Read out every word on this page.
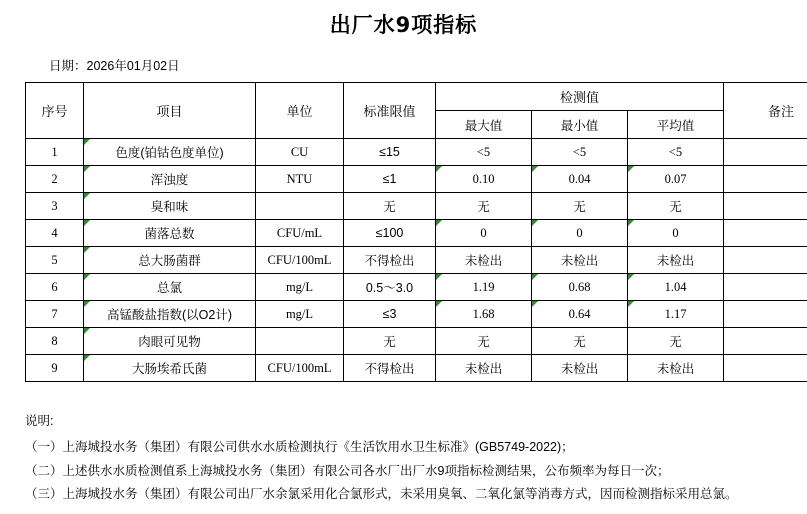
出厂水9项指标
日期：2026年01月02日
序号	项目	单位	标准限值	检测值			备注
				最大值	最小值	平均值	
1	色度(铂钴色度单位)	CU	≤15	<5	<5	<5	
2	浑浊度	NTU	≤1	0.10	0.04	0.07	
3	臭和味		无	无	无	无	
4	菌落总数	CFU/mL	≤100	0	0	0	
5	总大肠菌群	CFU/100mL	不得检出	未检出	未检出	未检出	
6	总氯	mg/L	0.5～3.0	1.19	0.68	1.04	
7	高锰酸盐指数(以O2计)	mg/L	≤3	1.68	0.64	1.17	
8	肉眼可见物		无	无	无	无	
9	大肠埃希氏菌	CFU/100mL	不得检出	未检出	未检出	未检出	
说明:
（一）上海城投水务（集团）有限公司供水水质检测执行《生活饮用水卫生标准》(GB5749-2022)；
（二）上述供水水质检测值系上海城投水务（集团）有限公司各水厂出厂水9项指标检测结果，公布频率为每日一次；
（三）上海城投水务（集团）有限公司出厂水余氯采用化合氯形式，未采用臭氧、二氧化氯等消毒方式，因而检测指标采用总氯。
